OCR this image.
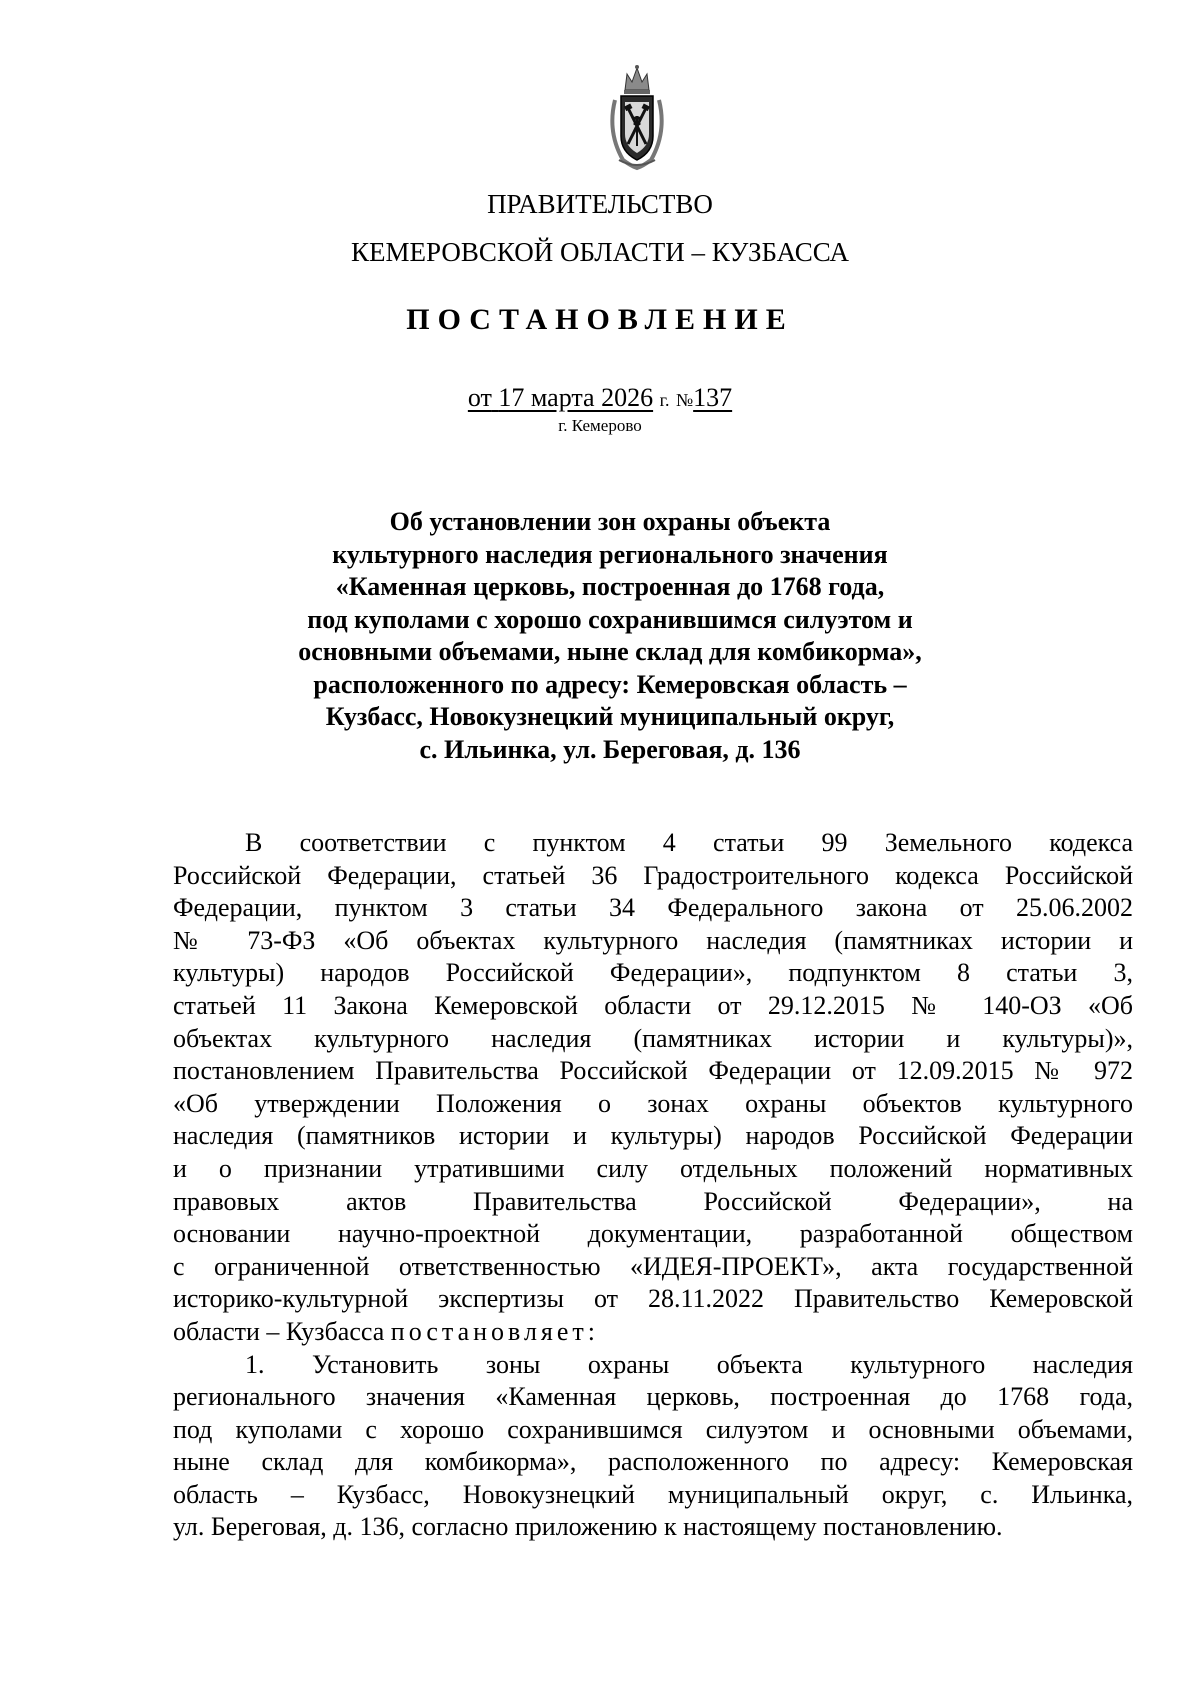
ПРАВИТЕЛЬСТВО
КЕМЕРОВСКОЙ ОБЛАСТИ – КУЗБАССА
ПОСТАНОВЛЕНИЕ
от 17 марта 2026 г. №137
г. Кемерово
Об установлении зон охраны объекта
культурного наследия регионального значения
«Каменная церковь, построенная до 1768 года,
под куполами с хорошо сохранившимся силуэтом и
основными объемами, ныне склад для комбикорма»,
расположенного по адресу: Кемеровская область –
Кузбасс, Новокузнецкий муниципальный округ,
с. Ильинка, ул. Береговая, д. 136
В соответствии с пунктом 4 статьи 99 Земельного кодекса
Российской Федерации, статьей 36 Градостроительного кодекса Российской
Федерации, пунктом 3 статьи 34 Федерального закона от 25.06.2002
№ 73-ФЗ «Об объектах культурного наследия (памятниках истории и
культуры) народов Российской Федерации», подпунктом 8 статьи 3,
статьей 11 Закона Кемеровской области от 29.12.2015 № 140-ОЗ «Об
объектах культурного наследия (памятниках истории и культуры)»,
постановлением Правительства Российской Федерации от 12.09.2015 № 972
«Об утверждении Положения о зонах охраны объектов культурного
наследия (памятников истории и культуры) народов Российской Федерации
и о признании утратившими силу отдельных положений нормативных
правовых актов Правительства Российской Федерации», на
основании научно-проектной документации, разработанной обществом
с ограниченной ответственностью «ИДЕЯ-ПРОЕКТ», акта государственной
историко-культурной экспертизы от 28.11.2022 Правительство Кемеровской
области – Кузбасса постановляет:
1. Установить зоны охраны объекта культурного наследия
регионального значения «Каменная церковь, построенная до 1768 года,
под куполами с хорошо сохранившимся силуэтом и основными объемами,
ныне склад для комбикорма», расположенного по адресу: Кемеровская
область – Кузбасс, Новокузнецкий муниципальный округ, с. Ильинка,
ул. Береговая, д. 136, согласно приложению к настоящему постановлению.
